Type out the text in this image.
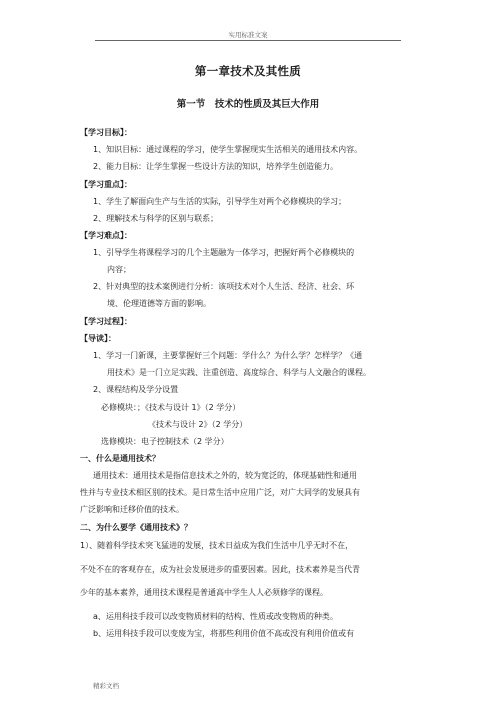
实用标准文案
第一章技术及其性质
第一节　技术的性质及其巨大作用
【学习目标】：
1、知识目标：通过课程的学习，使学生掌握现实生活相关的通用技术内容。
2、能力目标：让学生掌握一些设计方法的知识，培养学生创造能力。
【学习重点】：
1、学生了解面向生产与生活的实际，引导学生对两个必修模块的学习；
2、理解技术与科学的区别与联系；
【学习难点】：
1、引导学生将课程学习的几个主题融为一体学习，把握好两个必修模块的
内容；
2、针对典型的技术案例进行分析：该项技术对个人生活、经济、社会、环
境、伦理道德等方面的影响。
【学习过程】：
【导读】：
1、学习一门新课，主要掌握好三个问题：学什么？为什么学？怎样学？《通
用技术》是一门立足实践、注重创造、高度综合、科学与人文融合的课程。
2、课程结构及学分设置
必修模块：；《技术与设计 1》（2 学分）
《技术与设计 2》（2 学分）
选修模块：电子控制技术（2 学分）
一、什么是通用技术？
通用技术：通用技术是指信息技术之外的，较为宽泛的，体现基础性和通用
性并与专业技术相区别的技术。是日常生活中应用广泛，对广大同学的发展具有
广泛影响和迁移价值的技术。
二、为什么要学《通用技术》？
1）、随着科学技术突飞猛进的发展，技术日益成为我们生活中几乎无时不在，
不处不在的客观存在，成为社会发展进步的重要因素。因此，技术素养是当代青
少年的基本素养，通用技术课程是普通高中学生人人必须修学的课程。
a、运用科技手段可以改变物质材料的结构、性质或改变物质的种类。
b、运用科技手段可以变废为宝，将那些利用价值不高或没有利用价值或有
精彩文档
